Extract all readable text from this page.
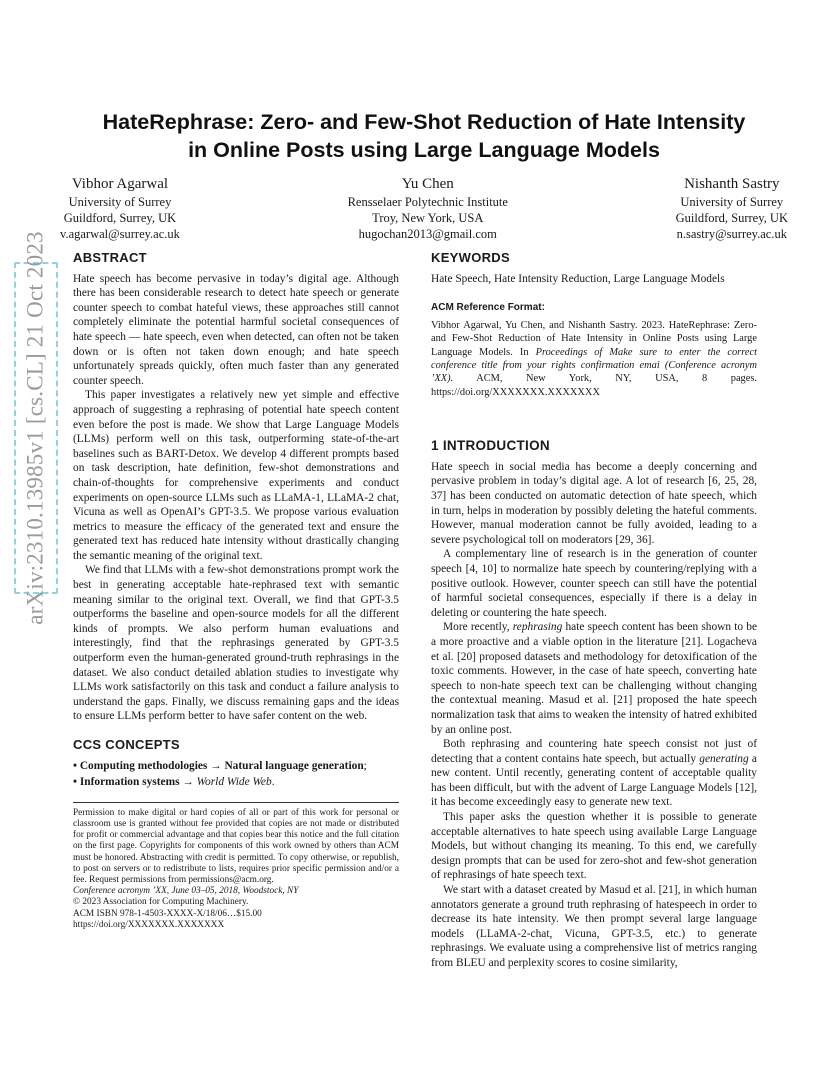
arXiv:2310.13985v1 [cs.CL] 21 Oct 2023
HateRephrase: Zero- and Few-Shot Reduction of Hate Intensity
in Online Posts using Large Language Models
Vibhor Agarwal
University of Surrey
Guildford, Surrey, UK
v.agarwal@surrey.ac.uk
Yu Chen
Rensselaer Polytechnic Institute
Troy, New York, USA
hugochan2013@gmail.com
Nishanth Sastry
University of Surrey
Guildford, Surrey, UK
n.sastry@surrey.ac.uk
ABSTRACT

Hate speech has become pervasive in today’s digital age. Although there has been considerable research to detect hate speech or generate counter speech to combat hateful views, these approaches still cannot completely eliminate the potential harmful societal consequences of hate speech — hate speech, even when detected, can often not be taken down or is often not taken down enough; and hate speech unfortunately spreads quickly, often much faster than any generated counter speech.

This paper investigates a relatively new yet simple and effective approach of suggesting a rephrasing of potential hate speech content even before the post is made. We show that Large Language Models (LLMs) perform well on this task, outperforming state-of-the-art baselines such as BART-Detox. We develop 4 different prompts based on task description, hate definition, few-shot demonstrations and chain-of-thoughts for comprehensive experiments and conduct experiments on open-source LLMs such as LLaMA-1, LLaMA-2 chat, Vicuna as well as OpenAI’s GPT-3.5. We propose various evaluation metrics to measure the efficacy of the generated text and ensure the generated text has reduced hate intensity without drastically changing the semantic meaning of the original text.

We find that LLMs with a few-shot demonstrations prompt work the best in generating acceptable hate-rephrased text with semantic meaning similar to the original text. Overall, we find that GPT-3.5 outperforms the baseline and open-source models for all the different kinds of prompts. We also perform human evaluations and interestingly, find that the rephrasings generated by GPT-3.5 outperform even the human-generated ground-truth rephrasings in the dataset. We also conduct detailed ablation studies to investigate why LLMs work satisfactorily on this task and conduct a failure analysis to understand the gaps. Finally, we discuss remaining gaps and the ideas to ensure LLMs perform better to have safer content on the web.

CCS CONCEPTS

• Computing methodologies → Natural language generation;

• Information systems → World Wide Web.

Permission to make digital or hard copies of all or part of this work for personal or classroom use is granted without fee provided that copies are not made or distributed for profit or commercial advantage and that copies bear this notice and the full citation on the first page. Copyrights for components of this work owned by others than ACM must be honored. Abstracting with credit is permitted. To copy otherwise, or republish, to post on servers or to redistribute to lists, requires prior specific permission and/or a fee. Request permissions from permissions@acm.org.
Conference acronym ’XX, June 03–05, 2018, Woodstock, NY
© 2023 Association for Computing Machinery.
ACM ISBN 978-1-4503-XXXX-X/18/06…$15.00
https://doi.org/XXXXXXX.XXXXXXX
KEYWORDS

Hate Speech, Hate Intensity Reduction, Large Language Models

ACM Reference Format:

Vibhor Agarwal, Yu Chen, and Nishanth Sastry. 2023. HateRephrase: Zero- and Few-Shot Reduction of Hate Intensity in Online Posts using Large Language Models. In Proceedings of Make sure to enter the correct conference title from your rights confirmation emai (Conference acronym ’XX). ACM, New York, NY, USA, 8 pages. https://doi.org/XXXXXXX.XXXXXXX

1 INTRODUCTION

Hate speech in social media has become a deeply concerning and pervasive problem in today’s digital age. A lot of research [6, 25, 28, 37] has been conducted on automatic detection of hate speech, which in turn, helps in moderation by possibly deleting the hateful comments. However, manual moderation cannot be fully avoided, leading to a severe psychological toll on moderators [29, 36].

A complementary line of research is in the generation of counter speech [4, 10] to normalize hate speech by countering/replying with a positive outlook. However, counter speech can still have the potential of harmful societal consequences, especially if there is a delay in deleting or countering the hate speech.

More recently, rephrasing hate speech content has been shown to be a more proactive and a viable option in the literature [21]. Logacheva et al. [20] proposed datasets and methodology for detoxification of the toxic comments. However, in the case of hate speech, converting hate speech to non-hate speech text can be challenging without changing the contextual meaning. Masud et al. [21] proposed the hate speech normalization task that aims to weaken the intensity of hatred exhibited by an online post.

Both rephrasing and countering hate speech consist not just of detecting that a content contains hate speech, but actually generating a new content. Until recently, generating content of acceptable quality has been difficult, but with the advent of Large Language Models [12], it has become exceedingly easy to generate new text.

This paper asks the question whether it is possible to generate acceptable alternatives to hate speech using available Large Language Models, but without changing its meaning. To this end, we carefully design prompts that can be used for zero-shot and few-shot generation of rephrasings of hate speech text.

We start with a dataset created by Masud et al. [21], in which human annotators generate a ground truth rephrasing of hatespeech in order to decrease its hate intensity. We then prompt several large language models (LLaMA-2-chat, Vicuna, GPT-3.5, etc.) to generate rephrasings. We evaluate using a comprehensive list of metrics ranging from BLEU and perplexity scores to cosine similarity,
